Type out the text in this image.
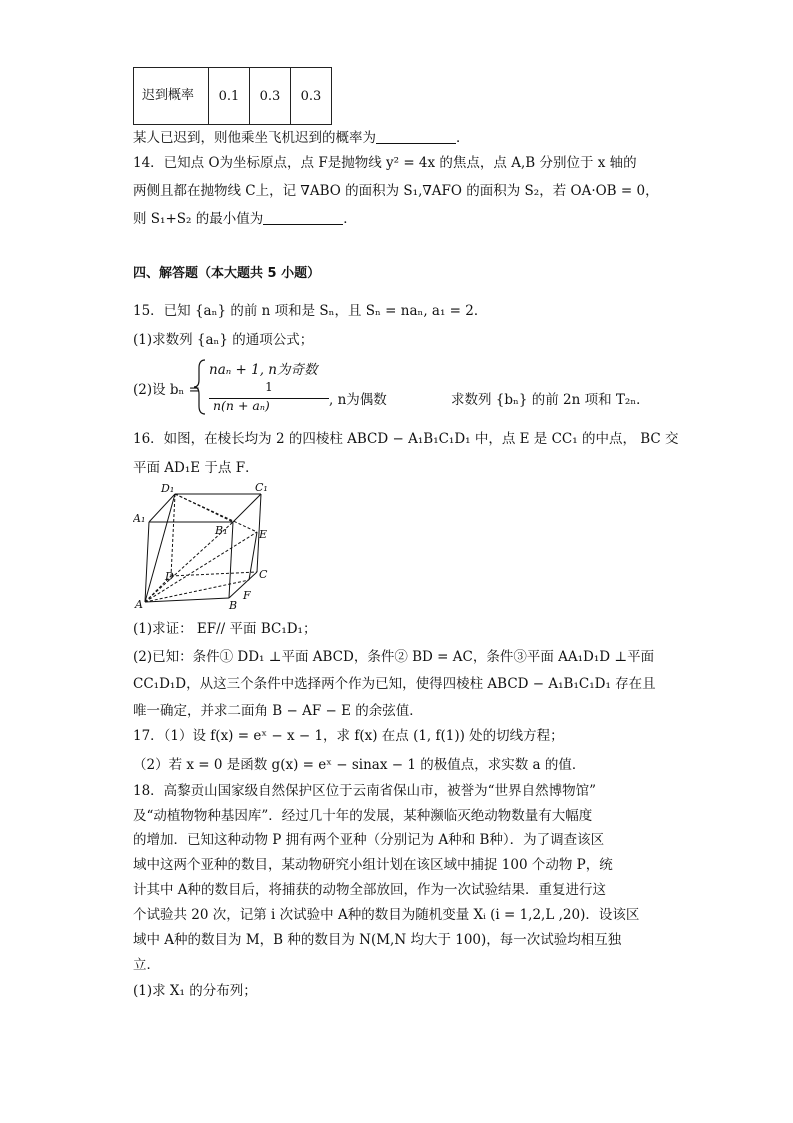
迟到概率	0.1	0.3	0.3
某人已迟到，则他乘坐飞机迟到的概率为	．
14．已知点 O为坐标原点，点 F是抛物线 y² = 4x 的焦点，点 A,B 分别位于 x 轴的
两侧且都在抛物线 C上，记 ∇ABO 的面积为 S₁,∇AFO 的面积为 S₂，若 OA·OB = 0，
则 S₁+S₂ 的最小值为	．
四、解答题（本大题共 5 小题）
15．已知 {aₙ} 的前 n 项和是 Sₙ，且 Sₙ = naₙ, a₁ = 2．
(1)求数列 {aₙ} 的通项公式；
(2)设 bₙ =
naₙ + 1, n为奇数
1
n(n + aₙ)	, n为偶数	求数列 {bₙ} 的前 2n 项和 T₂ₙ．
16．如图，在棱长均为 2 的四棱柱 ABCD − A₁B₁C₁D₁ 中，点 E 是 CC₁ 的中点， BC 交
平面 AD₁E 于点 F．
D₁	C₁
A₁
B₁	E
D	C
A	B
F
(1)求证： EF// 平面 BC₁D₁；
(2)已知：条件① DD₁ ⊥平面 ABCD，条件② BD = AC，条件③平面 AA₁D₁D ⊥平面
CC₁D₁D，从这三个条件中选择两个作为已知，使得四棱柱 ABCD − A₁B₁C₁D₁ 存在且
唯一确定，并求二面角 B − AF − E 的余弦值．
17．（1）设 f(x) = eˣ − x − 1，求 f(x) 在点 (1, f(1)) 处的切线方程；
（2）若 x = 0 是函数 g(x) = eˣ − sinax − 1 的极值点，求实数 a 的值．
18．高黎贡山国家级自然保护区位于云南省保山市，被誉为“世界自然博物馆”
及“动植物物种基因库”．经过几十年的发展，某种濒临灭绝动物数量有大幅度
的增加．已知这种动物 P 拥有两个亚种（分别记为 A种和 B种）．为了调查该区
域中这两个亚种的数目，某动物研究小组计划在该区域中捕捉 100 个动物 P，统
计其中 A种的数目后，将捕获的动物全部放回，作为一次试验结果．重复进行这
个试验共 20 次，记第 i 次试验中 A种的数目为随机变量 Xᵢ (i = 1,2,L ,20)．设该区
域中 A种的数目为 M，B 种的数目为 N(M,N 均大于 100)，每一次试验均相互独
立．
(1)求 X₁ 的分布列；
